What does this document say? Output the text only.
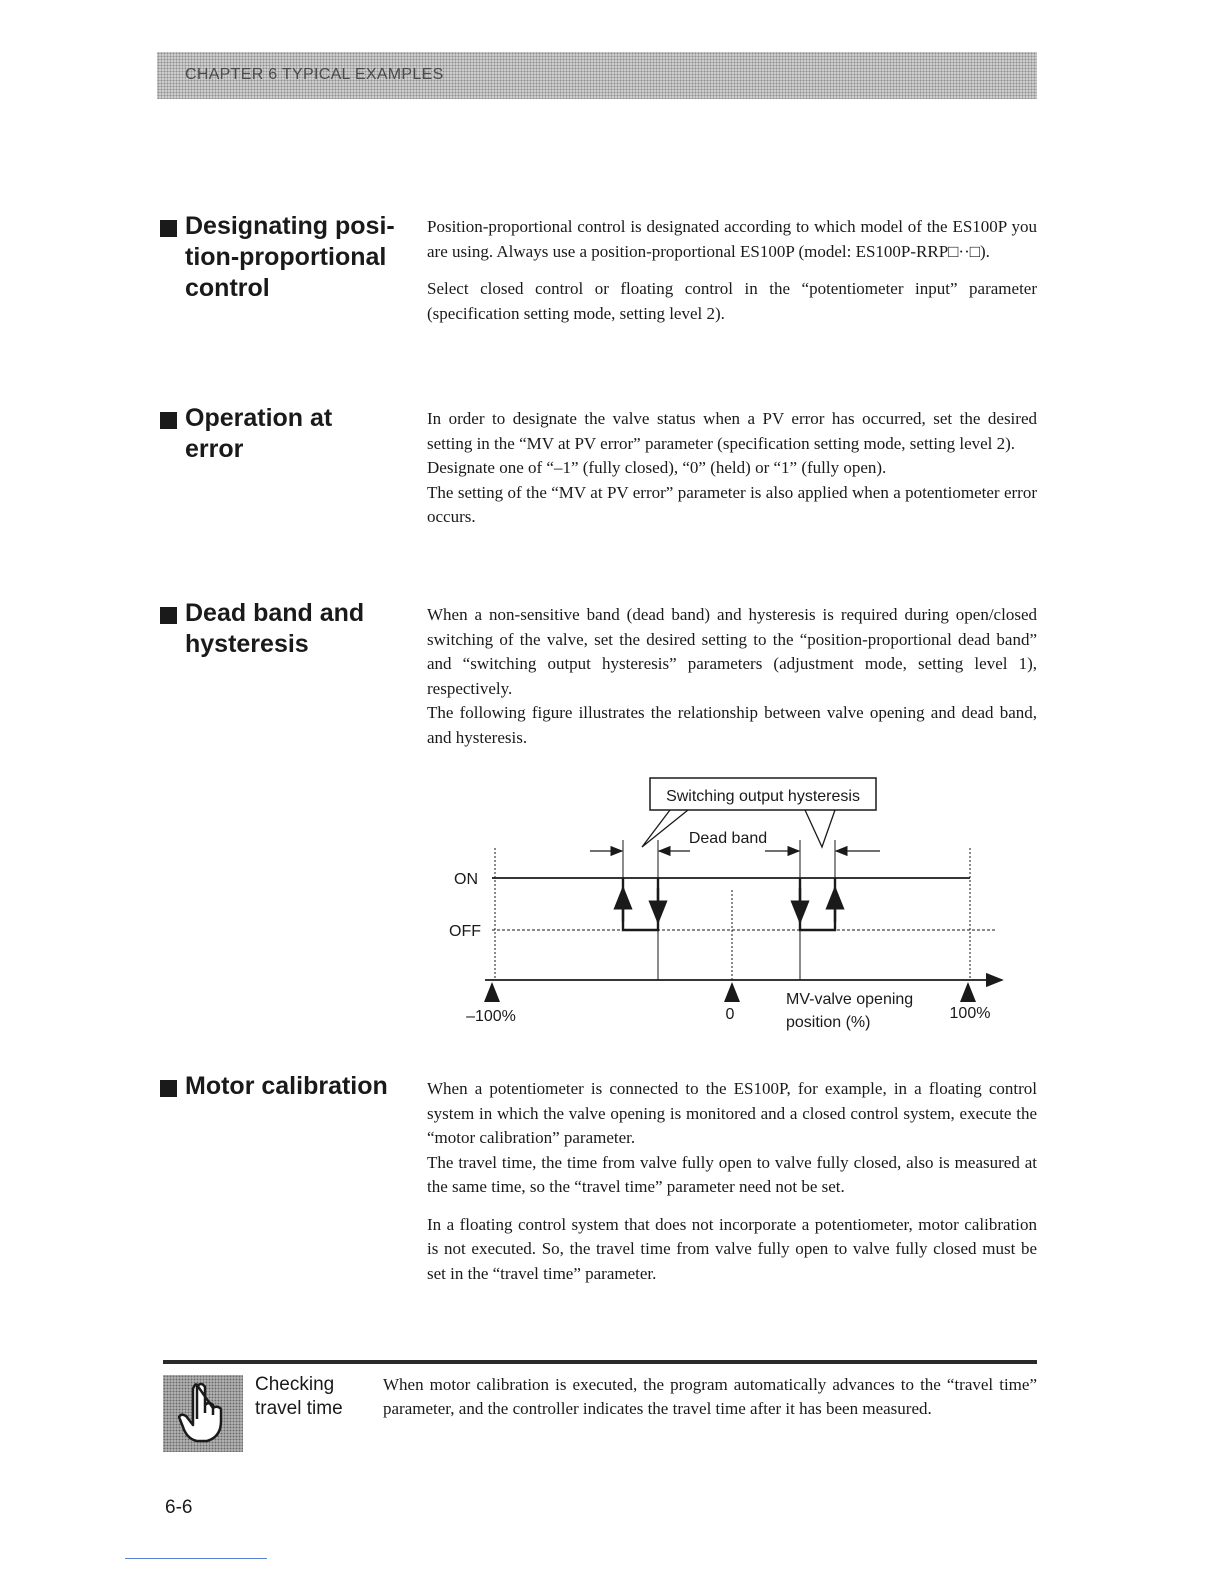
CHAPTER 6 TYPICAL EXAMPLES
Designating posi-
tion-proportional
control

Position-proportional control is designated according to which model of the ES100P you are using. Always use a position-proportional ES100P (model: ES100P-RRP□··□).

Select closed control or floating control in the “potentiometer input” parameter (specification setting mode, setting level 2).

Operation at
error

In order to designate the valve status when a PV error has occurred, set the desired setting in the “MV at PV error” parameter (specification setting mode, setting level 2).

Designate one of “–1” (fully closed), “0” (held) or “1” (fully open).

The setting of the “MV at PV error” parameter is also applied when a potentiometer error occurs.

Dead band and
hysteresis

When a non-sensitive band (dead band) and hysteresis is required during open/closed switching of the valve, set the desired setting to the “position-proportional dead band” and “switching output hysteresis” parameters (adjustment mode, setting level 1), respectively.

The following figure illustrates the relationship between valve opening and dead band, and hysteresis.

Switching output hysteresis
Dead band
ON
OFF
–100%	0
MV-valve opening
position (%)
100%
Motor calibration	When a potentiometer is connected to the ES100P, for example, in a floating control system in which the valve opening is monitored and a closed control system, execute the “motor calibration” parameter.

The travel time, the time from valve fully open to valve fully closed, also is measured at the same time, so the “travel time” parameter need not be set.

In a floating control system that does not incorporate a potentiometer, motor calibration is not executed. So, the travel time from valve fully open to valve fully closed must be set in the “travel time” parameter.

Checking
travel time
When motor calibration is executed, the program automatically advances to the “travel time” parameter, and the controller indicates the travel time after it has been measured.
6-6
